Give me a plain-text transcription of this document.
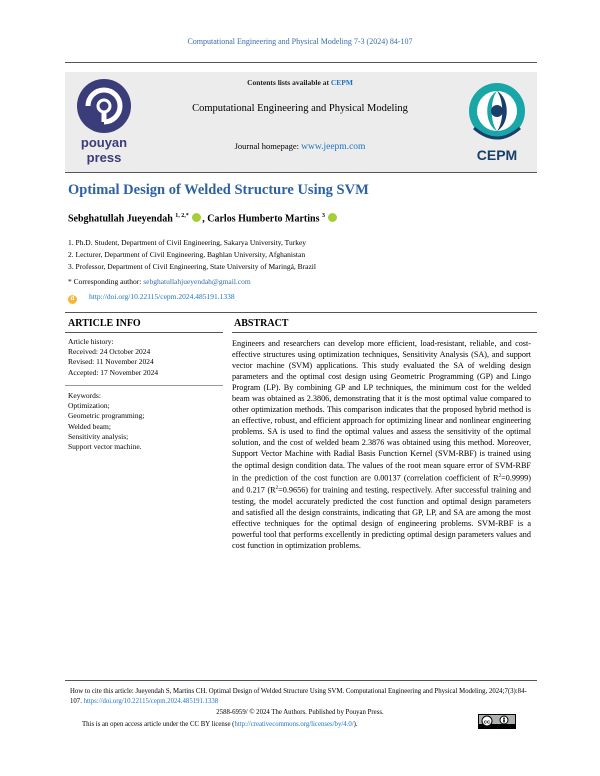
Computational Engineering and Physical Modeling 7-3 (2024) 84-107
Contents lists available at CEPM
Computational Engineering and Physical Modeling
Journal homepage: www.jeepm.com
pouyan
press	CEPM
Optimal Design of Welded Structure Using SVM
Sebghatullah Jueyendah $^{1, 2,*}$ , Carlos Humberto Martins $^3$
1. Ph.D. Student, Department of Civil Engineering, Sakarya University, Turkey
2. Lecturer, Department of Civil Engineering, Baghlan University, Afghanistan
3. Professor, Department of Civil Engineering, State University of Maringá, Brazil
* Corresponding author: sebghatullahjueyendah@gmail.com
d http://doi.org/10.22115/cepm.2024.485191.1338
ARTICLE INFO	ABSTRACT
Article history:
Received: 24 October 2024
Revised: 11 November 2024
Accepted: 17 November 2024
Keywords:
Optimization;
Geometric programming;
Welded beam;
Sensitivity analysis;
Support vector machine.

Engineers and researchers can develop more efficient, load-resistant, reliable, and cost-effective structures using optimization techniques, Sensitivity Analysis (SA), and support vector machine (SVM) applications. This study evaluated the SA of welding design parameters and the optimal cost design using Geometric Programming (GP) and Lingo Program (LP). By combining GP and LP techniques, the minimum cost for the welded beam was obtained as 2.3806, demonstrating that it is the most optimal value compared to other optimization methods. This comparison indicates that the proposed hybrid method is an effective, robust, and efficient approach for optimizing linear and nonlinear engineering problems. SA is used to find the optimal values and assess the sensitivity of the optimal solution, and the cost of welded beam 2.3876 was obtained using this method. Moreover, Support Vector Machine with Radial Basis Function Kernel (SVM-RBF) is trained using the optimal design condition data. The values of the root mean square error of SVM-RBF in the prediction of the cost function are 0.00137 (correlation coefficient of $R^2=0.9999$) and 0.217 $(R^2=0.9656)$ for training and testing, respectively. After successful training and testing, the model accurately predicted the cost function and optimal design parameters and satisfied all the design constraints, indicating that GP, LP, and SA are among the most effective techniques for the optimal design of engineering problems. SVM-RBF is a powerful tool that performs excellently in predicting optimal design parameters values and cost function in optimization problems.

How to cite this article: Jueyendah S, Martins CH. Optimal Design of Welded Structure Using SVM. Computational Engineering and Physical Modeling, 2024;7(3):84-107. https://doi.org/10.22115/cepm.2024.485191.1338
2588-6959/ © 2024 The Authors. Published by Pouyan Press.
This is an open access article under the CC BY license (http://creativecommons.org/licenses/by/4.0/).	cc
